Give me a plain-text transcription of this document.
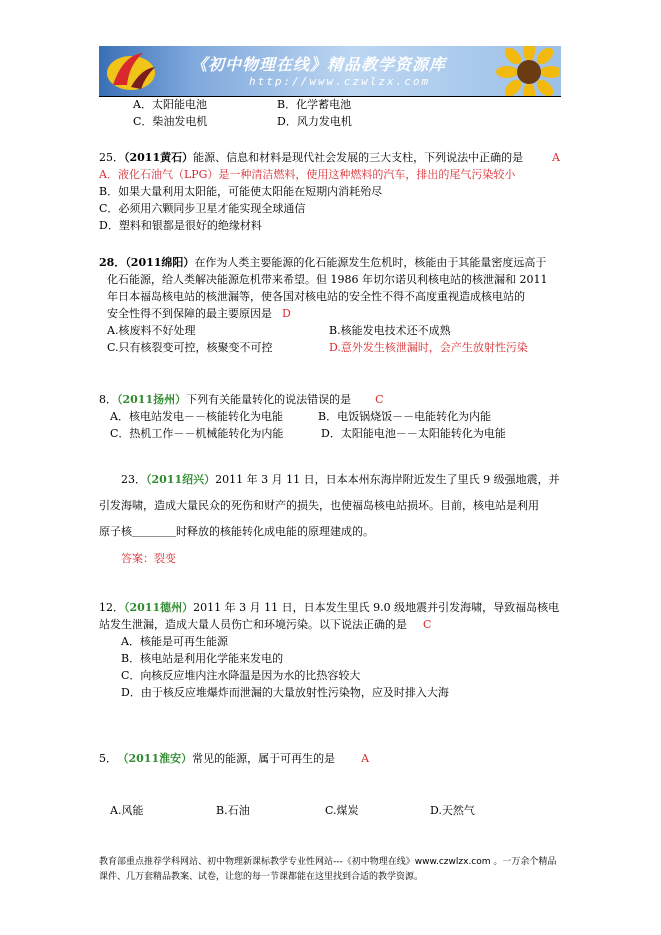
《初中物理在线》精品教学资源库
http://www.czwlzx.com
A．太阳能电池	B．化学蓄电池
C．柴油发电机	D．风力发电机
25．（2011黄石）能源、信息和材料是现代社会发展的三大支柱，下列说法中正确的是	A
A．液化石油气（LPG）是一种清洁燃料，使用这种燃料的汽车，排出的尾气污染较小
B．如果大量利用太阳能，可能使太阳能在短期内消耗殆尽
C．必须用六颗同步卫星才能实现全球通信
D．塑料和银都是很好的绝缘材料
28．（2011绵阳）在作为人类主要能源的化石能源发生危机时，核能由于其能量密度远高于
化石能源，给人类解决能源危机带来希望。但 1986 年切尔诺贝利核电站的核泄漏和 2011
年日本福岛核电站的核泄漏等，使各国对核电站的安全性不得不高度重视造成核电站的
安全性得不到保障的最主要原因是 D
A.核废料不好处理	B.核能发电技术还不成熟
C.只有核裂变可控，核聚变不可控	D.意外发生核泄漏时，会产生放射性污染
8．（2011扬州）下列有关能量转化的说法错误的是 C
A．核电站发电－－核能转化为电能	B．电饭锅烧饭－－电能转化为内能
C．热机工作－－机械能转化为内能	D．太阳能电池－－太阳能转化为电能
23．（2011绍兴）2011 年 3 月 11 日，日本本州东海岸附近发生了里氏 9 级强地震，并
引发海啸，造成大量民众的死伤和财产的损失，也使福岛核电站损坏。目前，核电站是利用
原子核＿＿＿＿时释放的核能转化成电能的原理建成的。
答案：裂变
12．（2011德州）2011 年 3 月 11 日，日本发生里氏 9.0 级地震并引发海啸，导致福岛核电
站发生泄漏，造成大量人员伤亡和环境污染。以下说法正确的是 C
A．核能是可再生能源
B．核电站是利用化学能来发电的
C．向核反应堆内注水降温是因为水的比热容较大
D．由于核反应堆爆炸而泄漏的大量放射性污染物，应及时排入大海
5． （2011淮安）常见的能源，属于可再生的是 A
A.风能	B.石油	C.煤炭	D.天然气
教育部重点推荐学科网站、初中物理新课标教学专业性网站---《初中物理在线》www.czwlzx.com 。一万余个精品课件、几万套精品教案、试卷，让您的每一节课都能在这里找到合适的教学资源。
